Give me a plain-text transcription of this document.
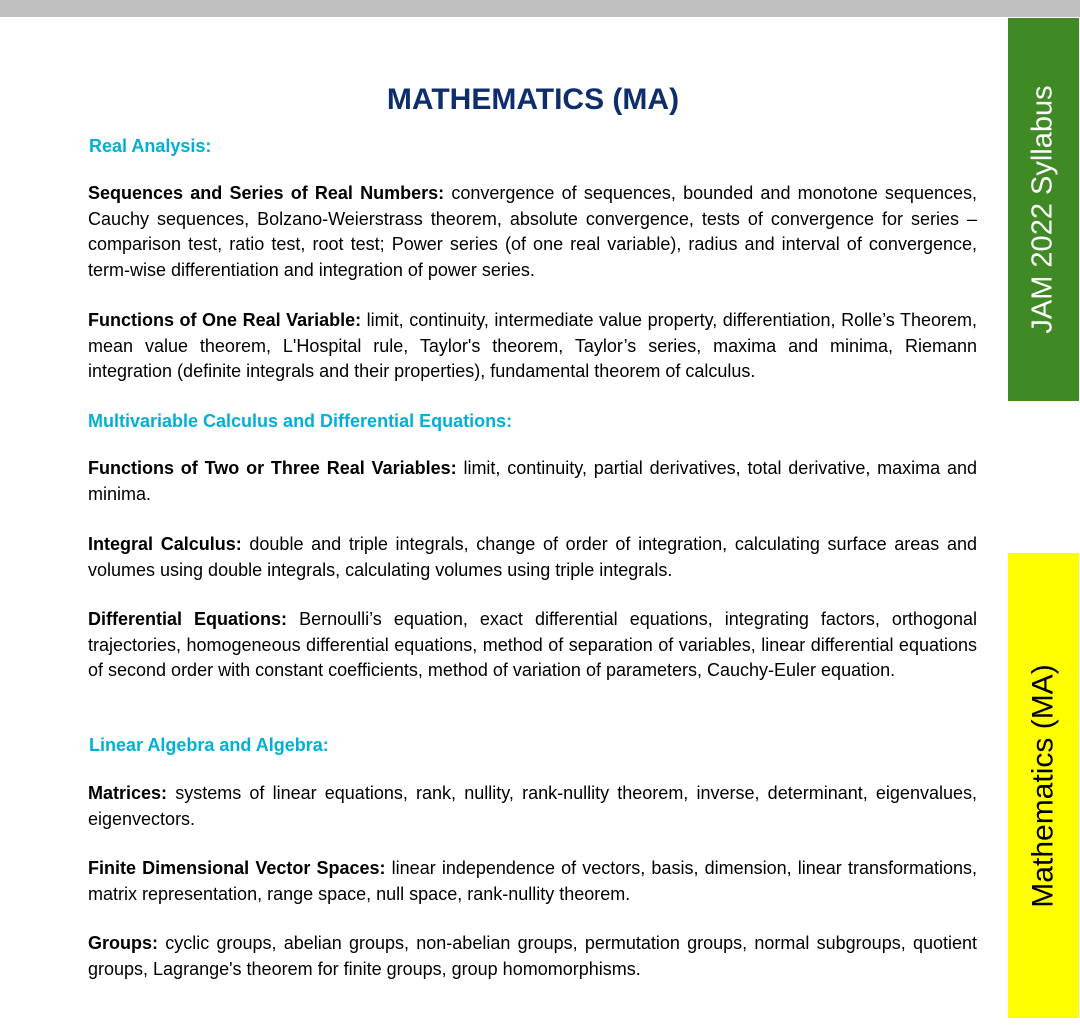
JAM 2022 Syllabus
Mathematics (MA)
MATHEMATICS (MA)
Real Analysis:

Sequences and Series of Real Numbers: convergence of sequences, bounded and monotone sequences, Cauchy sequences, Bolzano-Weierstrass theorem, absolute convergence, tests of convergence for series – comparison test, ratio test, root test; Power series (of one real variable), radius and interval of convergence, term-wise differentiation and integration of power series.

Functions of One Real Variable: limit, continuity, intermediate value property, differentiation, Rolle’s Theorem, mean value theorem, L'Hospital rule, Taylor's theorem, Taylor’s series, maxima and minima, Riemann integration (definite integrals and their properties), fundamental theorem of calculus.

Multivariable Calculus and Differential Equations:

Functions of Two or Three Real Variables: limit, continuity, partial derivatives, total derivative, maxima and minima.

Integral Calculus: double and triple integrals, change of order of integration, calculating surface areas and volumes using double integrals, calculating volumes using triple integrals.

Differential Equations: Bernoulli’s equation, exact differential equations, integrating factors, orthogonal trajectories, homogeneous differential equations, method of separation of variables, linear differential equations of second order with constant coefficients, method of variation of parameters, Cauchy-Euler equation.

Linear Algebra and Algebra:

Matrices: systems of linear equations, rank, nullity, rank-nullity theorem, inverse, determinant, eigenvalues, eigenvectors.

Finite Dimensional Vector Spaces: linear independence of vectors, basis, dimension, linear transformations, matrix representation, range space, null space, rank-nullity theorem.

Groups: cyclic groups, abelian groups, non-abelian groups, permutation groups, normal subgroups, quotient groups, Lagrange's theorem for finite groups, group homomorphisms.
